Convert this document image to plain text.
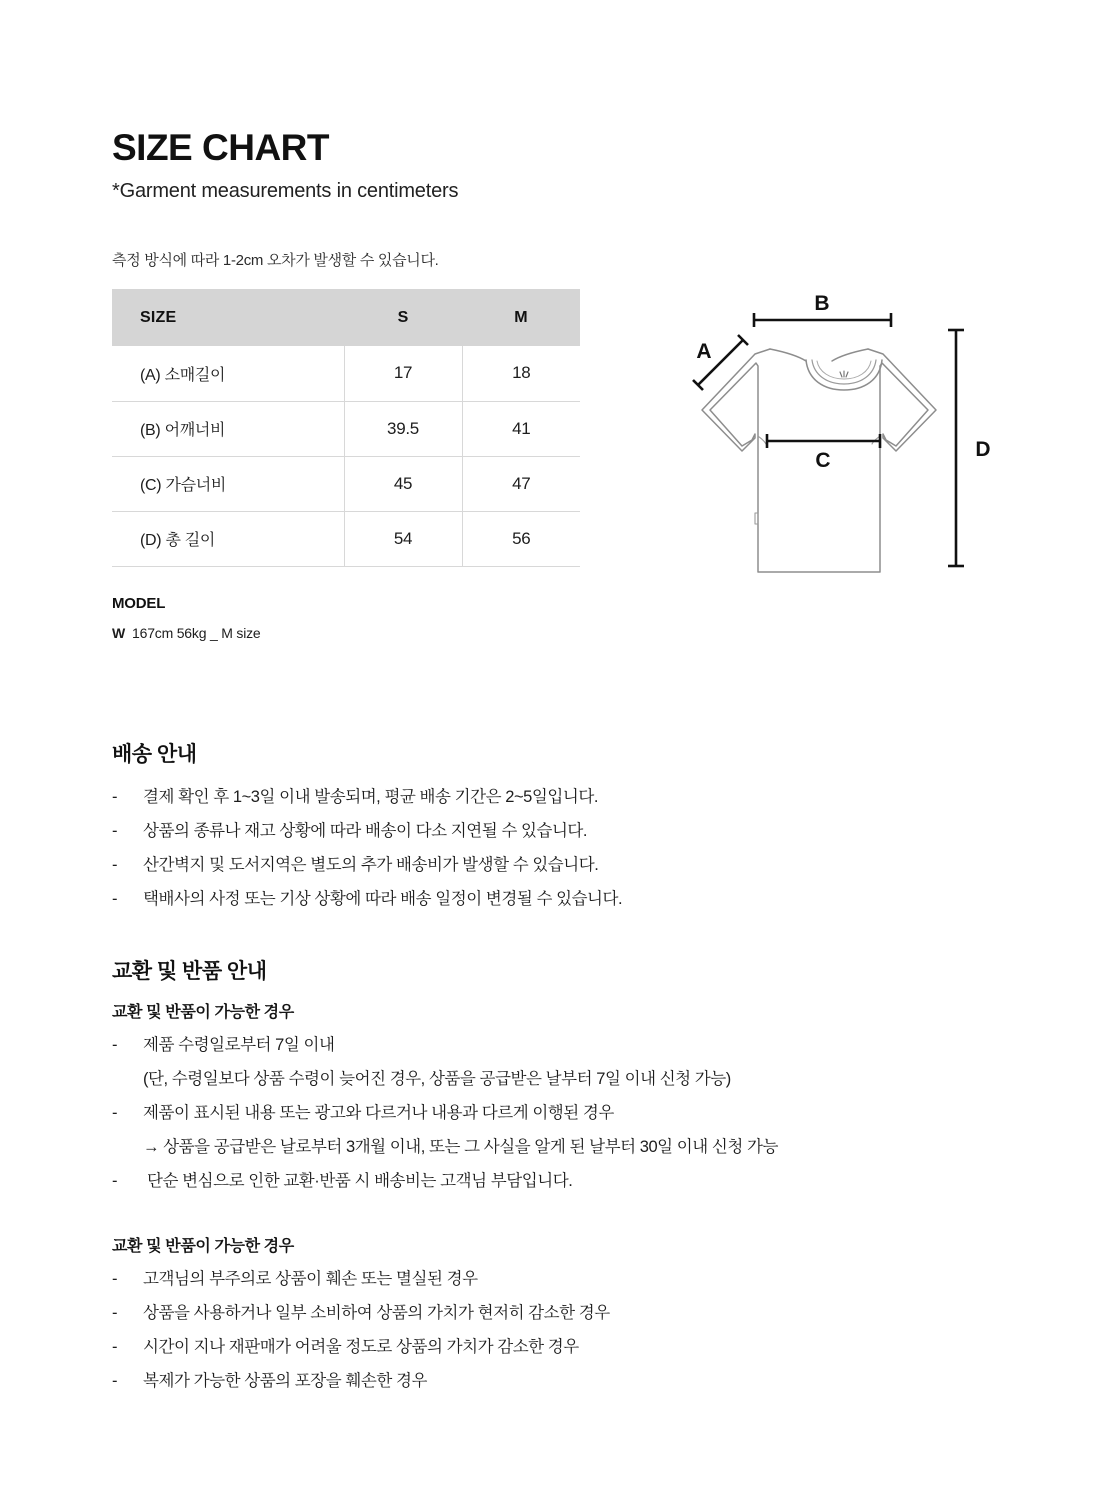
SIZE CHART
*Garment measurements in centimeters
측정 방식에 따라 1-2cm 오차가 발생할 수 있습니다.
SIZE	S	M
(A) 소매길이	17	18
(B) 어깨너비	39.5	41
(C) 가슴너비	45	47
(D) 총 길이	54	56
MODEL
W 167cm 56kg _ M size
B
A
C	D
배송 안내
- 결제 확인 후 1~3일 이내 발송되며, 평균 배송 기간은 2~5일입니다.
- 상품의 종류나 재고 상황에 따라 배송이 다소 지연될 수 있습니다.
- 산간벽지 및 도서지역은 별도의 추가 배송비가 발생할 수 있습니다.
- 택배사의 사정 또는 기상 상황에 따라 배송 일정이 변경될 수 있습니다.
교환 및 반품 안내
교환 및 반품이 가능한 경우
- 제품 수령일로부터 7일 이내
(단, 수령일보다 상품 수령이 늦어진 경우, 상품을 공급받은 날부터 7일 이내 신청 가능)
- 제품이 표시된 내용 또는 광고와 다르거나 내용과 다르게 이행된 경우
→ 상품을 공급받은 날로부터 3개월 이내, 또는 그 사실을 알게 된 날부터 30일 이내 신청 가능
- 단순 변심으로 인한 교환·반품 시 배송비는 고객님 부담입니다.
교환 및 반품이 가능한 경우
- 고객님의 부주의로 상품이 훼손 또는 멸실된 경우
- 상품을 사용하거나 일부 소비하여 상품의 가치가 현저히 감소한 경우
- 시간이 지나 재판매가 어려울 정도로 상품의 가치가 감소한 경우
- 복제가 가능한 상품의 포장을 훼손한 경우
